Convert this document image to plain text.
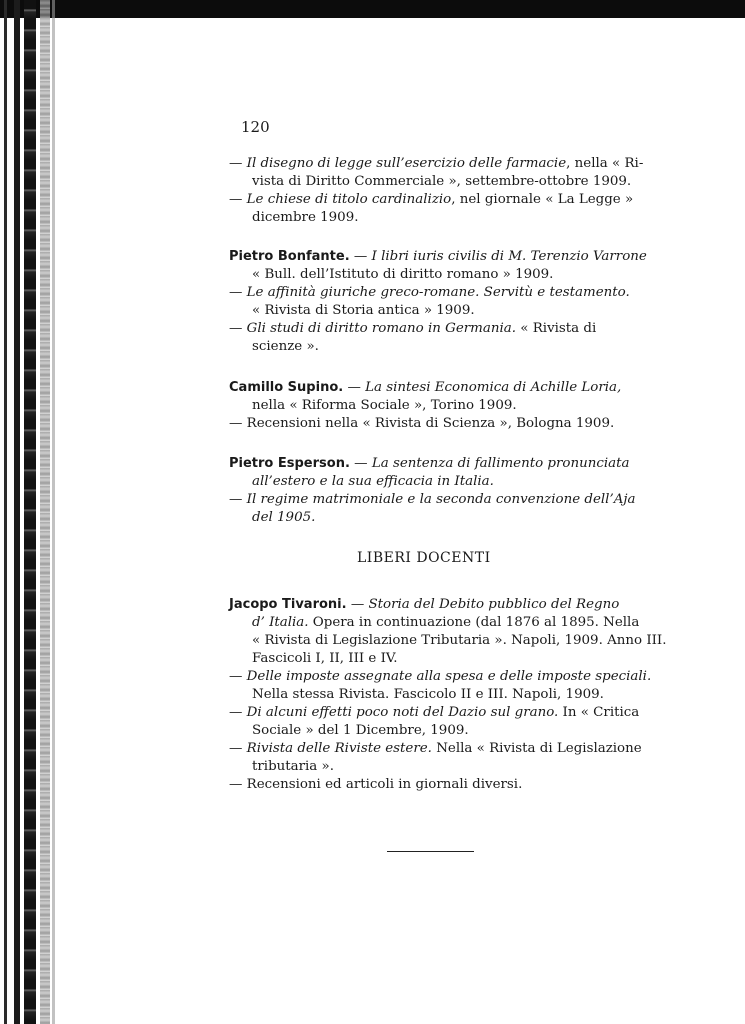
120
— Il disegno di legge sull’esercizio delle farmacie, nella « Ri-
vista di Diritto Commerciale », settembre-ottobre 1909.
— Le chiese di titolo cardinalizio, nel giornale « La Legge »
dicembre 1909.
Pietro Bonfante. — I libri iuris civilis di M. Terenzio Varrone
« Bull. dell’Istituto di diritto romano » 1909.
— Le affinità giuriche greco-romane. Servitù e testamento.
« Rivista di Storia antica » 1909.
— Gli studi di diritto romano in Germania. « Rivista di
scienze ».
Camillo Supino. — La sintesi Economica di Achille Loria,
nella « Riforma Sociale », Torino 1909.
— Recensioni nella « Rivista di Scienza », Bologna 1909.
Pietro Esperson. — La sentenza di fallimento pronunciata
all’estero e la sua efficacia in Italia.
— Il regime matrimoniale e la seconda convenzione dell’Aja
del 1905.
LIBERI DOCENTI
Jacopo Tivaroni. — Storia del Debito pubblico del Regno
d’ Italia. Opera in continuazione (dal 1876 al 1895. Nella
« Rivista di Legislazione Tributaria ». Napoli, 1909. Anno III.
Fascicoli I, II, III e IV.
— Delle imposte assegnate alla spesa e delle imposte speciali.
Nella stessa Rivista. Fascicolo II e III. Napoli, 1909.
— Di alcuni effetti poco noti del Dazio sul grano. In « Critica
Sociale » del 1 Dicembre, 1909.
— Rivista delle Riviste estere. Nella « Rivista di Legislazione
tributaria ».
— Recensioni ed articoli in giornali diversi.
